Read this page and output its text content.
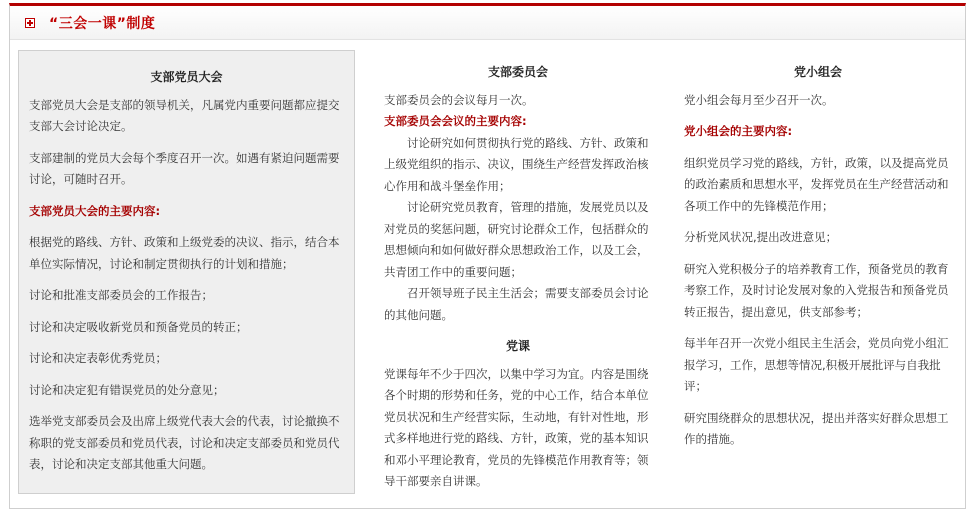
“三会一课”制度

支部党员大会

支部党员大会是支部的领导机关，凡属党内重要问题都应提交支部大会讨论决定。

支部建制的党员大会每个季度召开一次。如遇有紧迫问题需要讨论，可随时召开。

支部党员大会的主要内容:

根据党的路线、方针、政策和上级党委的决议、指示，结合本单位实际情况，讨论和制定贯彻执行的计划和措施；

讨论和批准支部委员会的工作报告；

讨论和决定吸收新党员和预备党员的转正；

讨论和决定表彰优秀党员；

讨论和决定犯有错误党员的处分意见；

选举党支部委员会及出席上级党代表大会的代表，讨论撤换不称职的党支部委员和党员代表，讨论和决定支部委员和党员代表，讨论和决定支部其他重大问题。

支部委员会

支部委员会的会议每月一次。

支部委员会会议的主要内容:

讨论研究如何贯彻执行党的路线、方针、政策和上级党组织的指示、决议，围绕生产经营发挥政治核心作用和战斗堡垒作用；

讨论研究党员教育，管理的措施，发展党员以及对党员的奖惩问题，研究讨论群众工作，包括群众的思想倾向和如何做好群众思想政治工作，以及工会，共青团工作中的重要问题；

召开领导班子民主生活会；需要支部委员会讨论的其他问题。

党课

党课每年不少于四次，以集中学习为宜。内容是围绕各个时期的形势和任务，党的中心工作，结合本单位党员状况和生产经营实际，生动地，有针对性地，形式多样地进行党的路线、方针，政策，党的基本知识和邓小平理论教育，党员的先锋模范作用教育等；领导干部要亲自讲课。

党小组会

党小组会每月至少召开一次。

党小组会的主要内容:

组织党员学习党的路线，方针，政策，以及提高党员的政治素质和思想水平，发挥党员在生产经营活动和各项工作中的先锋模范作用；

分析党风状况,提出改进意见；

研究入党积极分子的培养教育工作，预备党员的教育考察工作，及时讨论发展对象的入党报告和预备党员转正报告，提出意见，供支部参考；

每半年召开一次党小组民主生活会，党员向党小组汇报学习，工作，思想等情况,积极开展批评与自我批评；

研究围绕群众的思想状况，提出并落实好群众思想工作的措施。
